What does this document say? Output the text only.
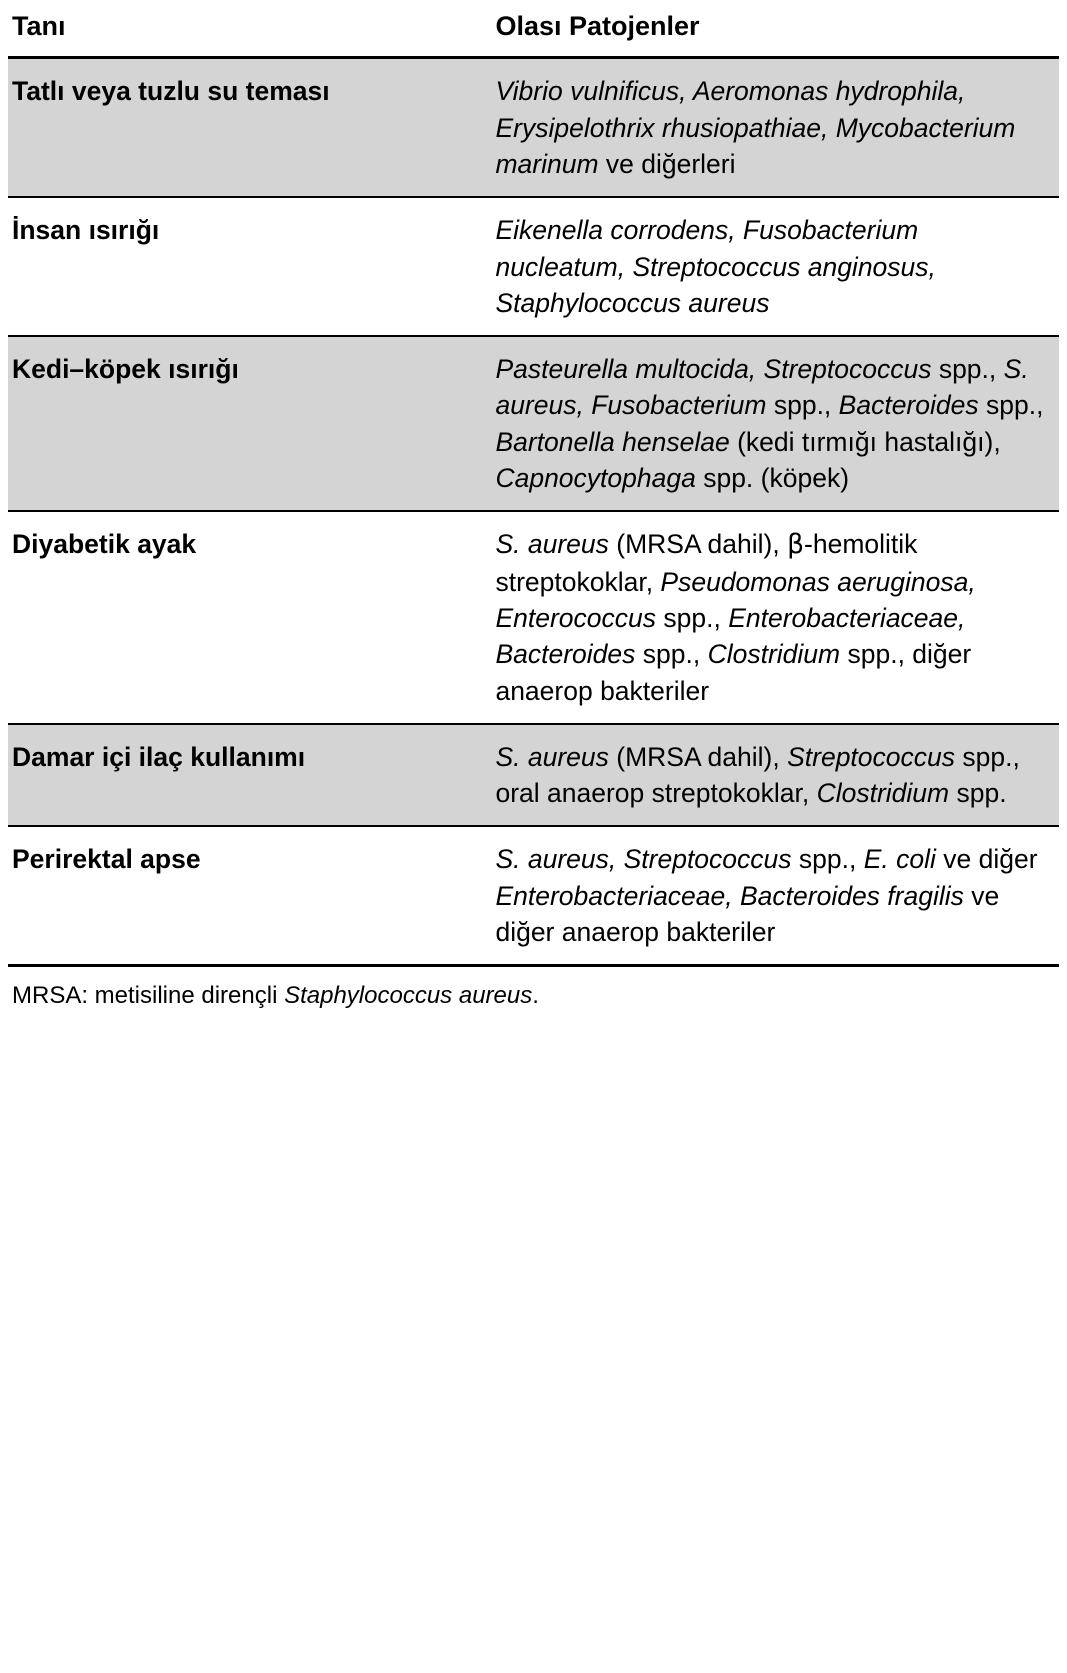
Tanı	Olası Patojenler
Tatlı veya tuzlu su teması	Vibrio vulnificus, Aeromonas hydrophila, Erysipelothrix rhusiopathiae, Mycobacterium marinum ve diğerleri
İnsan ısırığı	Eikenella corrodens, Fusobacterium nucleatum, Streptococcus anginosus, Staphylococcus aureus
Kedi–köpek ısırığı	Pasteurella multocida, Streptococcus spp., S. aureus, Fusobacterium spp., Bacteroides spp., Bartonella henselae (kedi tırmığı hastalığı), Capnocytophaga spp. (köpek)
Diyabetik ayak	S. aureus (MRSA dahil), β-hemolitik streptokoklar, Pseudomonas aeruginosa, Enterococcus spp., Enterobacteriaceae, Bacteroides spp., Clostridium spp., diğer anaerop bakteriler
Damar içi ilaç kullanımı	S. aureus (MRSA dahil), Streptococcus spp., oral anaerop streptokoklar, Clostridium spp.
Perirektal apse	S. aureus, Streptococcus spp., E. coli ve diğer Enterobacteriaceae, Bacteroides fragilis ve diğer anaerop bakteriler
MRSA: metisiline dirençli Staphylococcus aureus.	
